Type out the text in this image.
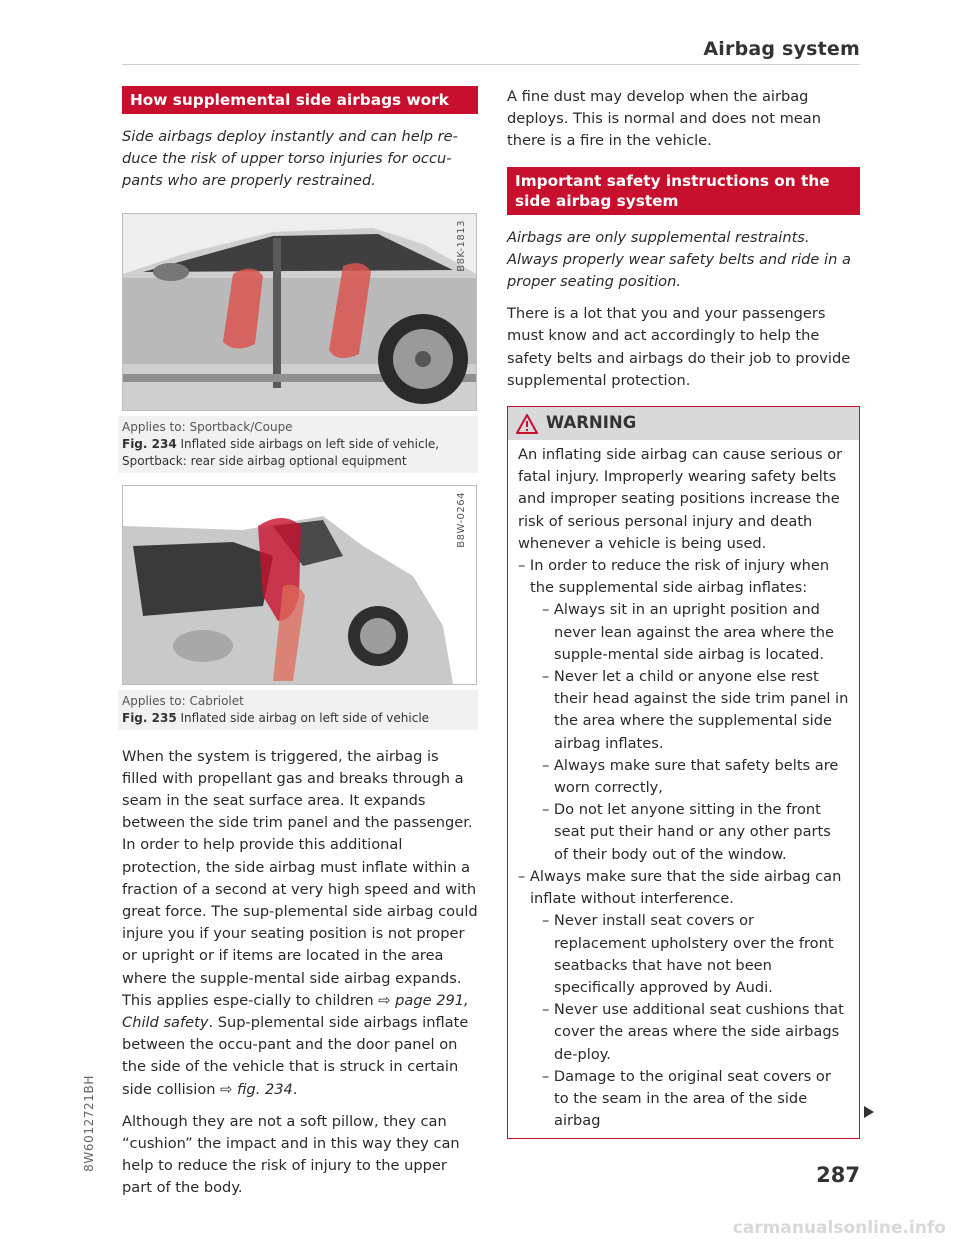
Airbag system
How supplemental side airbags work

Side airbags deploy instantly and can help re-duce the risk of upper torso injuries for occu-pants who are properly restrained.

B8K-1813
Applies to: Sportback/Coupe
Fig. 234 Inflated side airbags on left side of vehicle, Sportback: rear side airbag optional equipment
B8W-0264
Applies to: Cabriolet
Fig. 235 Inflated side airbag on left side of vehicle

When the system is triggered, the airbag is filled with propellant gas and breaks through a seam in the seat surface area. It expands between the side trim panel and the passenger. In order to help provide this additional protection, the side airbag must inflate within a fraction of a second at very high speed and with great force. The sup-plemental side airbag could injure you if your seating position is not proper or upright or if items are located in the area where the supple-mental side airbag expands. This applies espe-cially to children ⇨ page 291, Child safety. Sup-plemental side airbags inflate between the occu-pant and the door panel on the side of the vehicle that is struck in certain side collision ⇨ fig. 234.

Although they are not a soft pillow, they can “cushion” the impact and in this way they can help to reduce the risk of injury to the upper part of the body.

A fine dust may develop when the airbag deploys. This is normal and does not mean there is a fire in the vehicle.

Important safety instructions on the side airbag system

Airbags are only supplemental restraints. Always properly wear safety belts and ride in a proper seating position.

There is a lot that you and your passengers must know and act accordingly to help the safety belts and airbags do their job to provide supplemental protection.

WARNING

An inflating side airbag can cause serious or fatal injury. Improperly wearing safety belts and improper seating positions increase the risk of serious personal injury and death whenever a vehicle is being used.

– In order to reduce the risk of injury when the supplemental side airbag inflates:

– Always sit in an upright position and never lean against the area where the supple-mental side airbag is located.

– Never let a child or anyone else rest their head against the side trim panel in the area where the supplemental side airbag inflates.

– Always make sure that safety belts are worn correctly,

– Do not let anyone sitting in the front seat put their hand or any other parts of their body out of the window.

– Always make sure that the side airbag can inflate without interference.

– Never install seat covers or replacement upholstery over the front seatbacks that have not been specifically approved by Audi.

– Never use additional seat cushions that cover the areas where the side airbags de-ploy.

– Damage to the original seat covers or to the seam in the area of the side airbag

287
8W6012721BH
carmanualsonline.info
